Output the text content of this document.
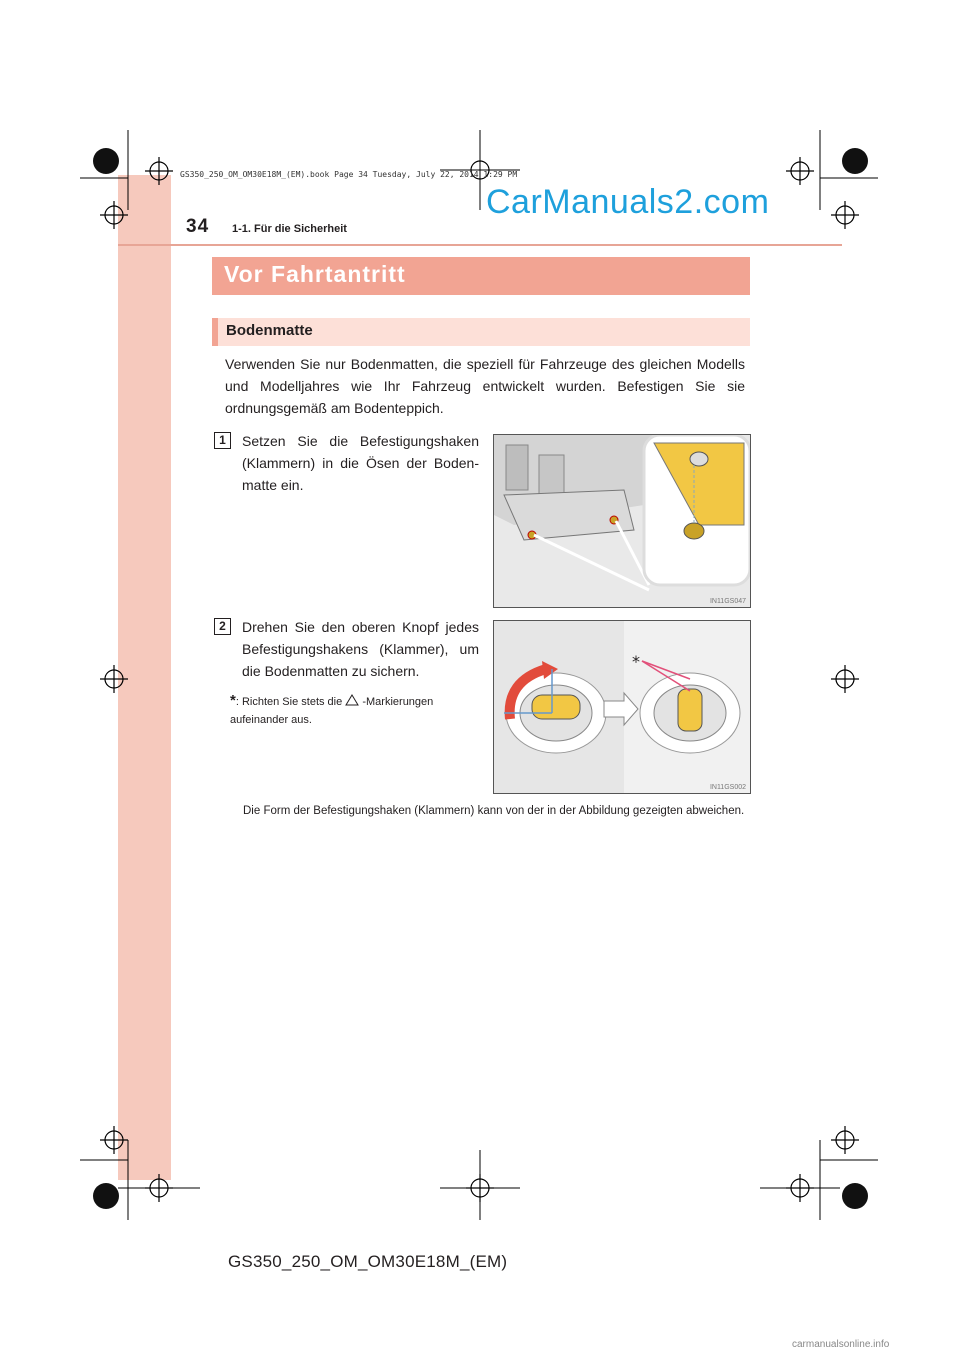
GS350_250_OM_OM30E18M_(EM).book Page 34 Tuesday, July 22, 2014 1:29 PM
CarManuals2.com
34 1-1. Für die Sicherheit
Vor Fahrtantritt
Bodenmatte
Verwenden Sie nur Bodenmatten, die speziell für Fahrzeuge des gleichen Modells und Modelljahres wie Ihr Fahrzeug entwickelt wurden. Befestigen Sie sie ordnungsgemäß am Bodenteppich.
1	Setzen Sie die Befestigungshaken (Klammern) in die Ösen der Bodenmatte ein.
IN11GS047
2	Drehen Sie den oberen Knopf jedes Befestigungshakens (Klammer), um die Bodenmatten zu sichern.
*: Richten Sie stets die -Markierungen aufeinander aus.
*
IN11GS002
Die Form der Befestigungshaken (Klammern) kann von der in der Abbildung gezeigten abweichen.
GS350_250_OM_OM30E18M_(EM)
carmanualsonline.info
